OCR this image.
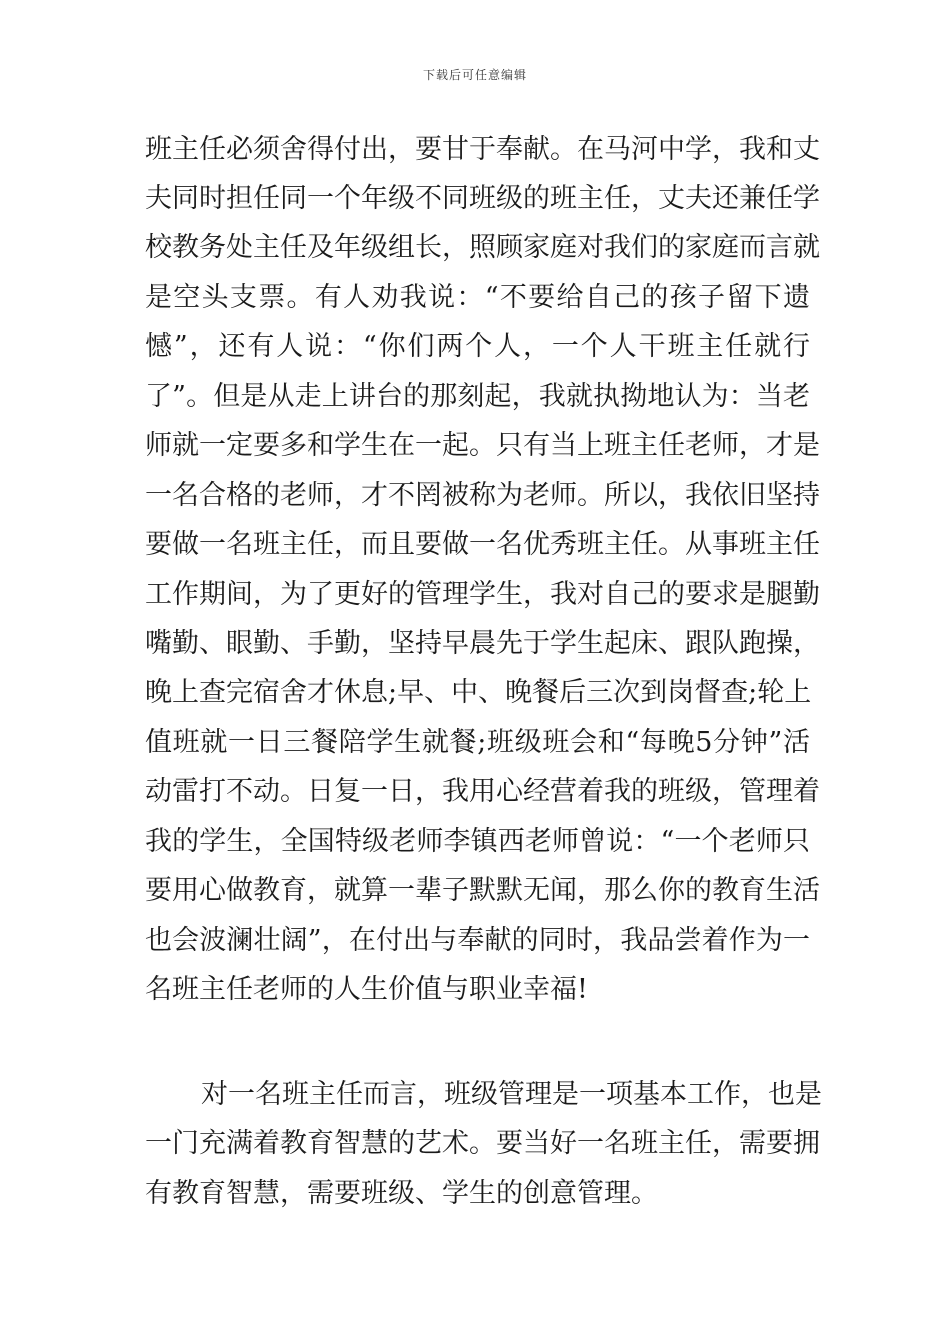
下载后可任意编辑
班主任必须舍得付出，要甘于奉献。在马河中学，我和丈
夫同时担任同一个年级不同班级的班主任，丈夫还兼任学
校教务处主任及年级组长，照顾家庭对我们的家庭而言就
是空头支票。有人劝我说：“不要给自己的孩子留下遗
憾”，还有人说：“你们两个人，一个人干班主任就行
了”。但是从走上讲台的那刻起，我就执拗地认为：当老
师就一定要多和学生在一起。只有当上班主任老师，才是
一名合格的老师，才不罔被称为老师。所以，我依旧坚持
要做一名班主任，而且要做一名优秀班主任。从事班主任
工作期间，为了更好的管理学生，我对自己的要求是腿勤
嘴勤、眼勤、手勤，坚持早晨先于学生起床、跟队跑操，
晚上查完宿舍才休息;早、中、晚餐后三次到岗督查;轮上
值班就一日三餐陪学生就餐;班级班会和“每晚5分钟”活
动雷打不动。日复一日，我用心经营着我的班级，管理着
我的学生，全国特级老师李镇西老师曾说：“一个老师只
要用心做教育，就算一辈子默默无闻，那么你的教育生活
也会波澜壮阔”，在付出与奉献的同时，我品尝着作为一
名班主任老师的人生价值与职业幸福!
对一名班主任而言，班级管理是一项基本工作，也是
一门充满着教育智慧的艺术。要当好一名班主任，需要拥
有教育智慧，需要班级、学生的创意管理。
